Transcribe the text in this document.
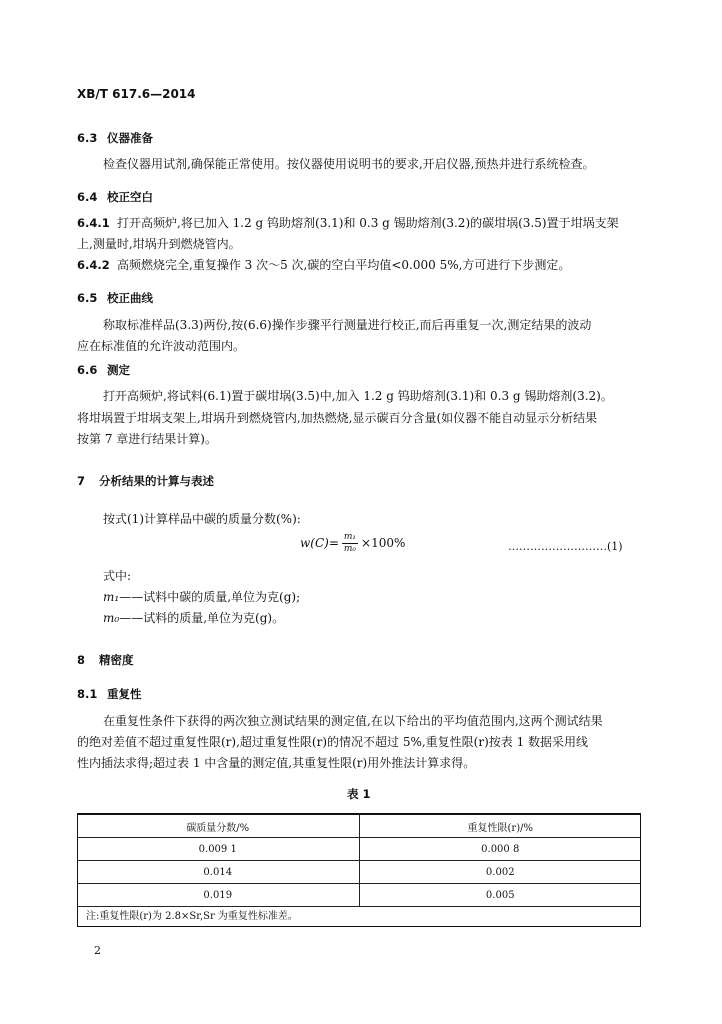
XB/T 617.6—2014
6.3 仪器准备
检查仪器用试剂,确保能正常使用。按仪器使用说明书的要求,开启仪器,预热并进行系统检查。
6.4 校正空白
6.4.1 打开高频炉,将已加入 1.2 g 钨助熔剂(3.1)和 0.3 g 锡助熔剂(3.2)的碳坩埚(3.5)置于坩埚支架
上,测量时,坩埚升到燃烧管内。
6.4.2 高频燃烧完全,重复操作 3 次～5 次,碳的空白平均值<0.000 5%,方可进行下步测定。
6.5 校正曲线
称取标准样品(3.3)两份,按(6.6)操作步骤平行测量进行校正,而后再重复一次,测定结果的波动
应在标准值的允许波动范围内。
6.6 测定
打开高频炉,将试料(6.1)置于碳坩埚(3.5)中,加入 1.2 g 钨助熔剂(3.1)和 0.3 g 锡助熔剂(3.2)。
将坩埚置于坩埚支架上,坩埚升到燃烧管内,加热燃烧,显示碳百分含量(如仪器不能自动显示分析结果
按第 7 章进行结果计算)。
7 分析结果的计算与表述
按式(1)计算样品中碳的质量分数(%):
$w(C)= \frac{\text{m₁}}{\text{m₀}} \times 100\%$	………………………(1)
式中:
m₁——试料中碳的质量,单位为克(g);
m₀——试料的质量,单位为克(g)。
8 精密度
8.1 重复性
在重复性条件下获得的两次独立测试结果的测定值,在以下给出的平均值范围内,这两个测试结果
的绝对差值不超过重复性限(r),超过重复性限(r)的情况不超过 5%,重复性限(r)按表 1 数据采用线
性内插法求得;超过表 1 中含量的测定值,其重复性限(r)用外推法计算求得。
表 1
碳质量分数/%	重复性限(r)/%
0.009 1	0.000 8
0.014	0.002
0.019	0.005
注:重复性限(r)为 2.8×Sr,Sr 为重复性标准差。
2
